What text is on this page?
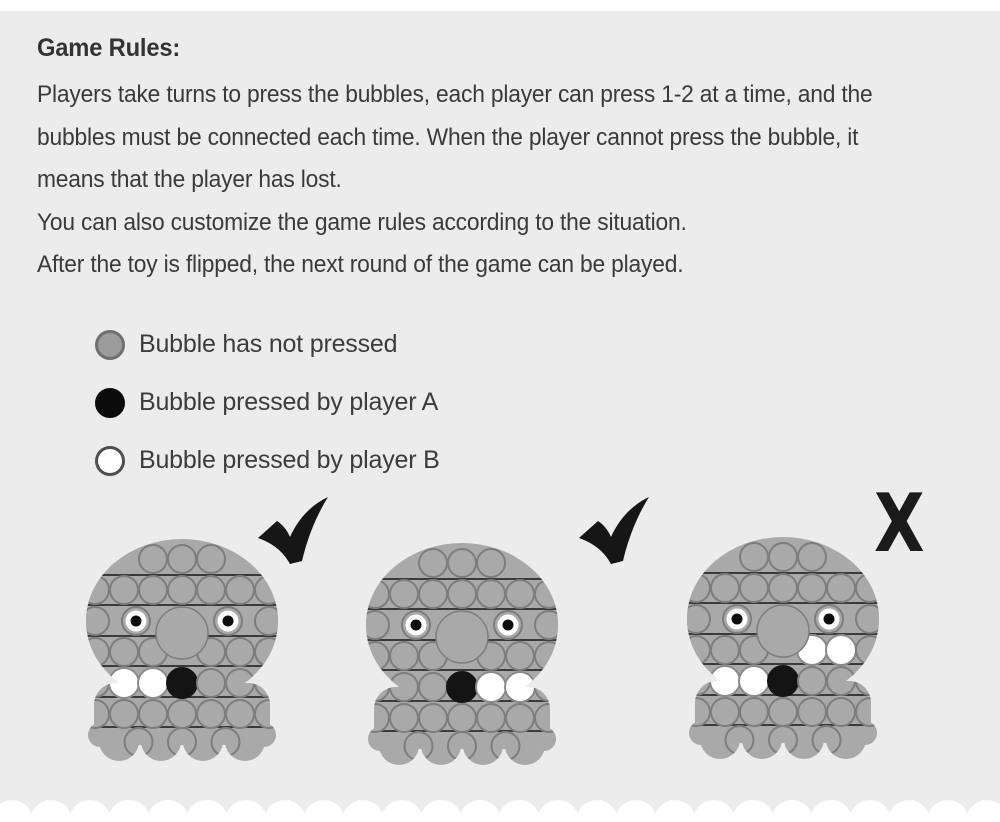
Game Rules:
Players take turns to press the bubbles, each player can press 1-2 at a time, and the
bubbles must be connected each time. When the player cannot press the bubble, it
means that the player has lost.
You can also customize the game rules according to the situation.
After the toy is flipped, the next round of the game can be played.
Bubble has not pressed
Bubble pressed by player A
Bubble pressed by player B
X
